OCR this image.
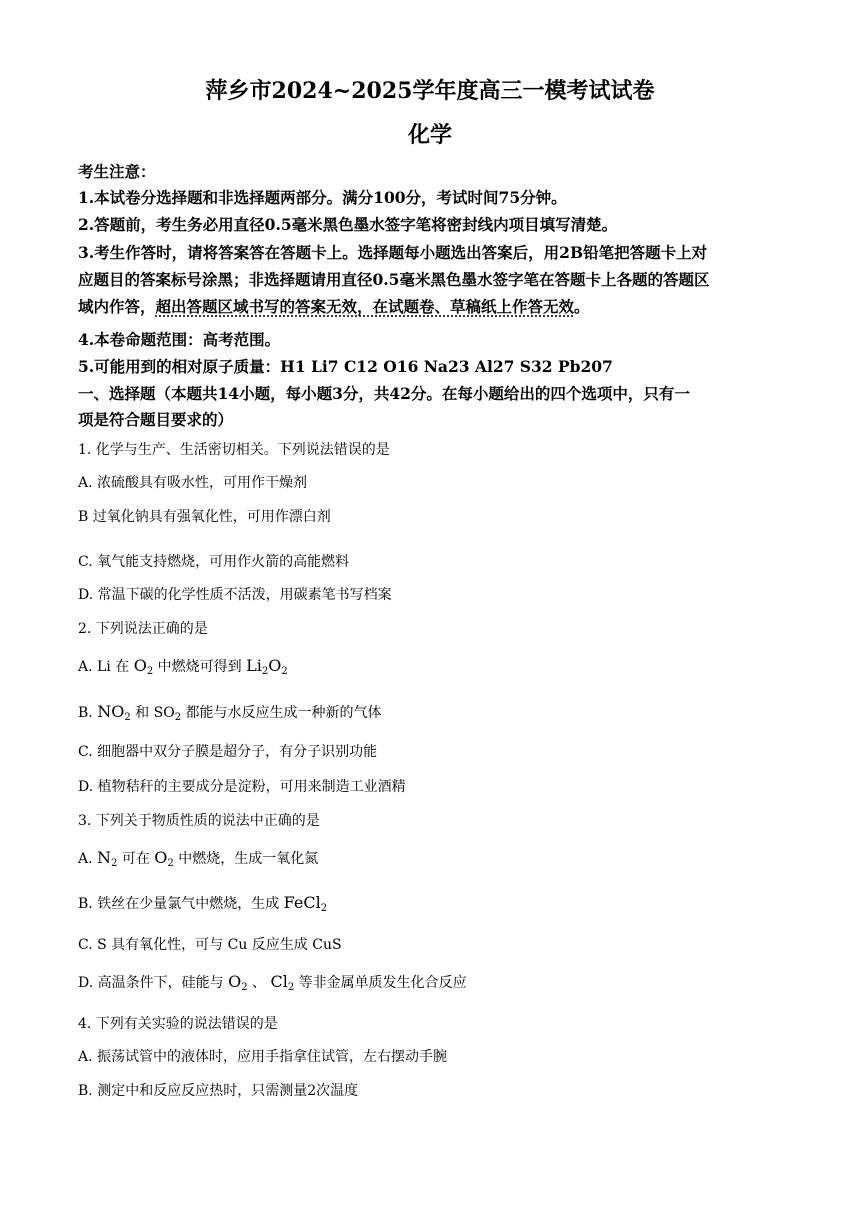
萍乡市2024~2025学年度高三一模考试试卷
化学
考生注意：
1.本试卷分选择题和非选择题两部分。满分100分，考试时间75分钟。
2.答题前，考生务必用直径0.5毫米黑色墨水签字笔将密封线内项目填写清楚。
3.考生作答时，请将答案答在答题卡上。选择题每小题选出答案后，用2B铅笔把答题卡上对
应题目的答案标号涂黑；非选择题请用直径0.5毫米黑色墨水签字笔在答题卡上各题的答题区
域内作答，超出答题区域书写的答案无效，在试题卷、草稿纸上作答无效。
4.本卷命题范围：高考范围。
5.可能用到的相对原子质量：H1 Li7 C12 O16 Na23 Al27 S32 Pb207
一、选择题（本题共14小题，每小题3分，共42分。在每小题给出的四个选项中，只有一
项是符合题目要求的）
1. 化学与生产、生活密切相关。下列说法错误的是
A. 浓硫酸具有吸水性，可用作干燥剂
B 过氧化钠具有强氧化性，可用作漂白剂
C. 氧气能支持燃烧，可用作火箭的高能燃料
D. 常温下碳的化学性质不活泼，用碳素笔书写档案
2. 下列说法正确的是
A. Li 在 $O_2$ 中燃烧可得到 $Li_2O_2$
B. $NO_2$ 和 $SO_2$ 都能与水反应生成一种新的气体
C. 细胞器中双分子膜是超分子，有分子识别功能
D. 植物秸秆的主要成分是淀粉，可用来制造工业酒精
3. 下列关于物质性质的说法中正确的是
A. $N_2$ 可在 $O_2$ 中燃烧，生成一氧化氮
B. 铁丝在少量氯气中燃烧，生成 FeCl$_2$
C. S 具有氧化性，可与 Cu 反应生成 CuS
D. 高温条件下，硅能与 $O_2$ 、 $Cl_2$ 等非金属单质发生化合反应
4. 下列有关实验的说法错误的是
A. 振荡试管中的液体时，应用手指拿住试管，左右摆动手腕
B. 测定中和反应反应热时，只需测量2次温度
